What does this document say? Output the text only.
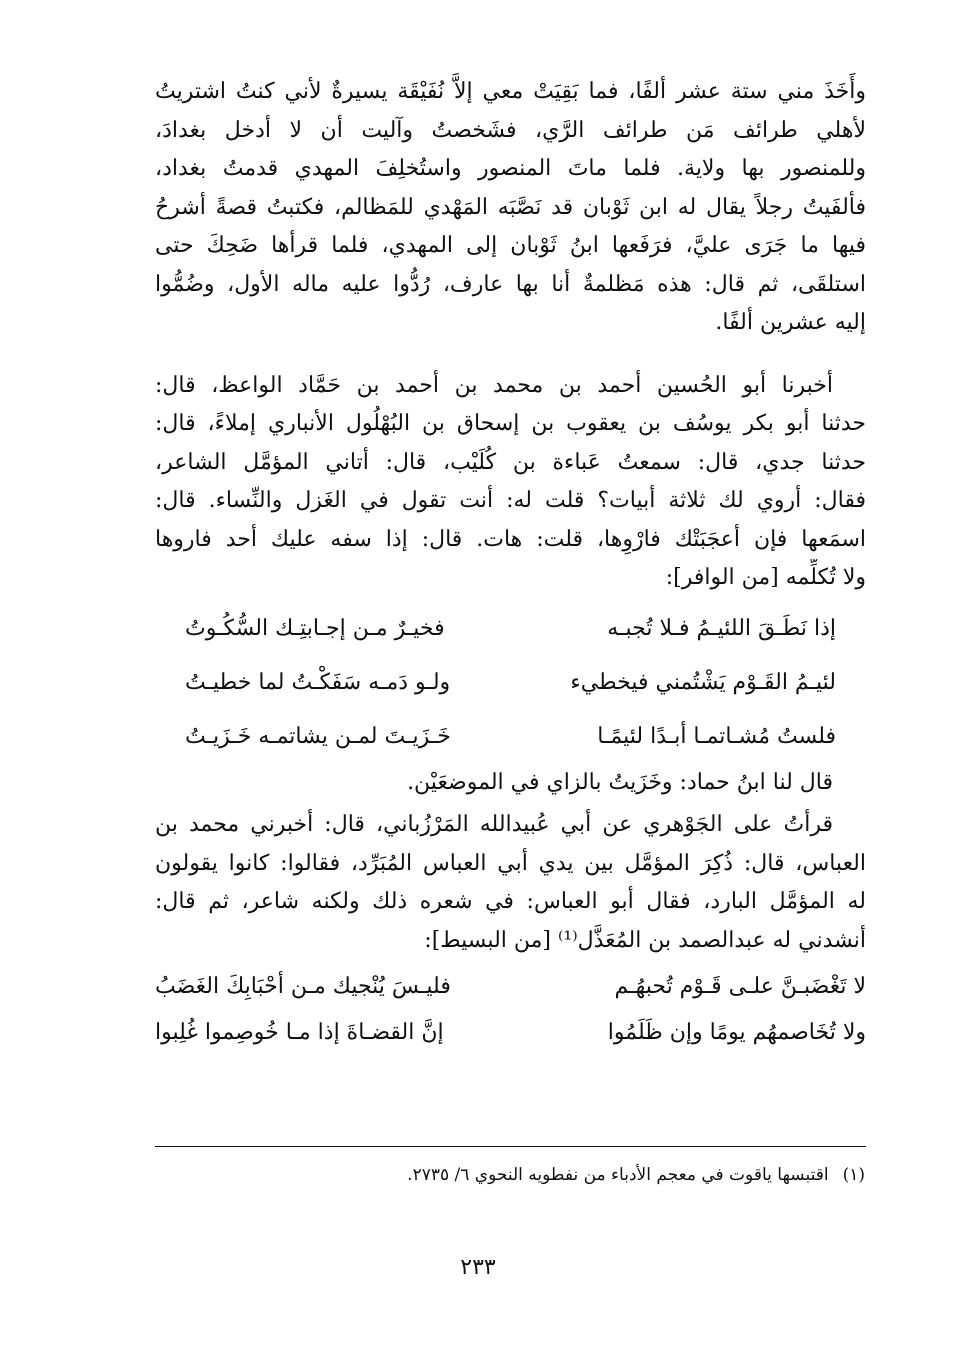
وأَخَذَ مني ستة عشر ألفًا، فما بَقِيَتْ معي إلاَّ نُفَيْقَة يسيرةٌ لأني كنتُ اشتريتُ
لأهلي طرائف مَن طرائف الرَّي، فشَخصتُ وآليت أن لا أدخل بغدادَ،
وللمنصور بها ولاية. فلما ماتَ المنصور واستُخلِفَ المهدي قدمتُ بغداد،
فألفَيتُ رجلاً يقال له ابن ثَوْبان قد نَصَّبَه المَهْدي للمَظالم، فكتبتُ قصةً أشرحُ
فيها ما جَرَى عليَّ، فرَفَعها ابنُ ثَوْبان إلى المهدي، فلما قرأها ضَحِكَ حتى
استلقَى، ثم قال: هذه مَظلمةٌ أنا بها عارف، رُدُّوا عليه ماله الأول، وضُمُّوا
إليه عشرين ألفًا.
أخبرنا أبو الحُسين أحمد بن محمد بن أحمد بن حَمَّاد الواعظ، قال:
حدثنا أبو بكر يوسُف بن يعقوب بن إسحاق بن البُهْلُول الأنباري إملاءً، قال:
حدثنا جدي، قال: سمعتُ عَباءة بن كُلَيْب، قال: أتاني المؤمَّل الشاعر،
فقال: أروي لك ثلاثة أبيات؟ قلت له: أنت تقول في الغَزل والنِّساء. قال:
اسمَعها فإن أعجَبَتْك فارْوِها، قلت: هات. قال: إذا سفه عليك أحد فاروها
ولا تُكلِّمه [من الوافر]:
إذا نَطَـقَ اللئيـمُ فـلا تُجبـه
فخيـرٌ مـن إجـابتِـك السُّكُـوتُ
لئيـمُ القَـوْم يَشْتُمني فيخطيء
ولـو دَمـه سَفَكْـتُ لما خطيـتُ
فلستُ مُشـاتمـا أبـدًا لئيمًـا
خَـزَيـتَ لمـن يشاتمـه خَـزَيـتُ
قال لنا ابنُ حماد: وخَزَيتُ بالزاي في الموضعَيْن.
قرأتُ على الجَوْهري عن أبي عُبيدالله المَرْزُباني، قال: أخبرني محمد بن
العباس، قال: ذُكِرَ المؤمَّل بين يدي أبي العباس المُبَرِّد، فقالوا: كانوا يقولون
له المؤمَّل البارد، فقال أبو العباس: في شعره ذلك ولكنه شاعر، ثم قال:
أنشدني له عبدالصمد بن المُعَذَّل⁽¹⁾ [من البسيط]:
لا تَغْضَبـنَّ علـى قَـوْم تُحبهُـم
فليـسَ يُنْجيك مـن أحْبَابِكَ الغَضَبُ
ولا تُخَاصمهُم يومًا وإن ظَلَمُوا
إنَّ القضـاةَ إذا مـا خُوصِموا غُلِبوا
(١)اقتبسها ياقوت في معجم الأدباء من نفطويه النحوي ٦/ ٢٧٣٥.
٢٣٣
